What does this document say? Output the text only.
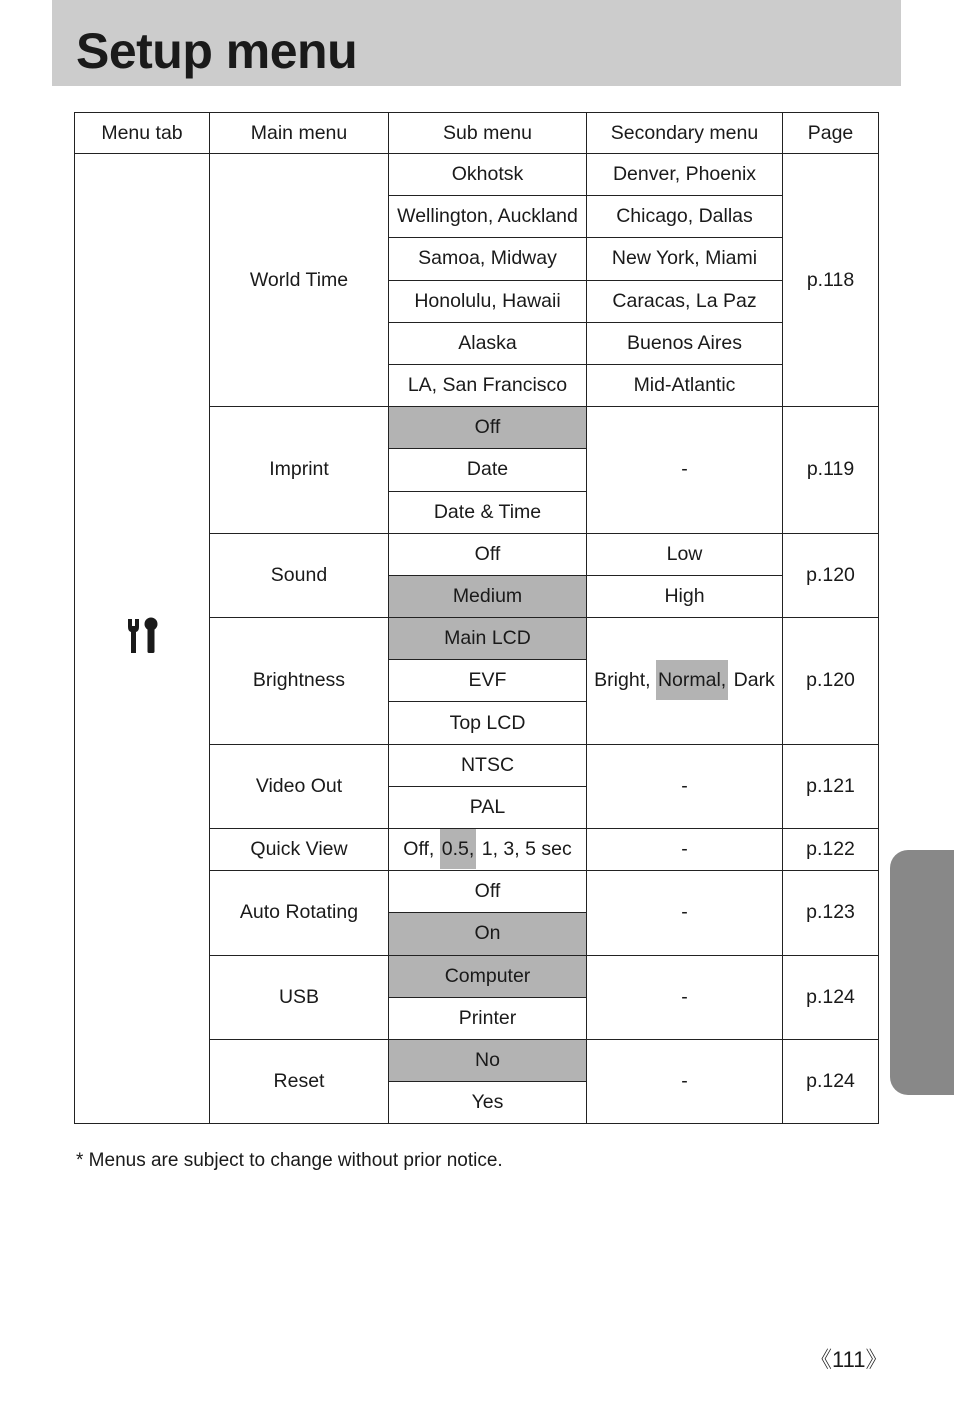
Setup menu
Menu tab	Main menu	Sub menu	Secondary menu	Page
	World Time	Okhotsk	Denver, Phoenix	p.118
		Wellington, Auckland	Chicago, Dallas	
		Samoa, Midway	New York, Miami	
		Honolulu, Hawaii	Caracas, La Paz	
		Alaska	Buenos Aires	
		LA, San Francisco	Mid-Atlantic	
	Imprint	Off	-	p.119
		Date		
		Date & Time		
	Sound	Off	Low	p.120
		Medium	High	
	Brightness	Main LCD	Bright, Normal, Dark	p.120
		EVF		
		Top LCD		
	Video Out	NTSC	-	p.121
		PAL		
	Quick View	Off, 0.5, 1, 3, 5 sec	-	p.122
	Auto Rotating	Off	-	p.123
		On		
	USB	Computer	-	p.124
		Printer		
	Reset	No	-	p.124
		Yes		

* Menus are subject to change without prior notice.

《111》
